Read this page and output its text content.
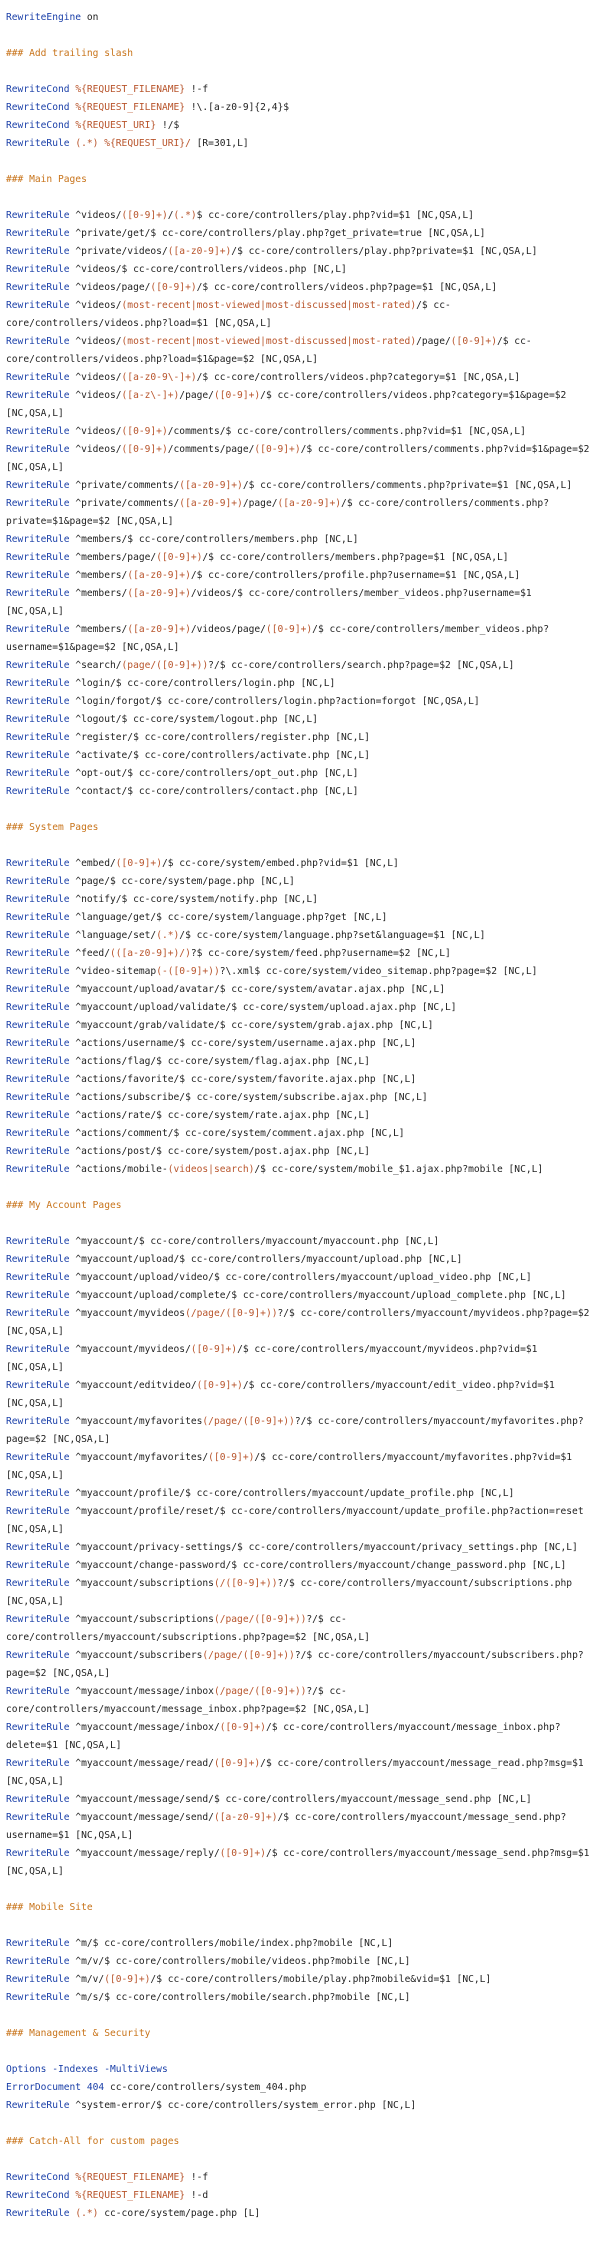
RewriteEngine on
### Add trailing slash
RewriteCond %{REQUEST_FILENAME} !-f
RewriteCond %{REQUEST_FILENAME} !\.[a-z0-9]{2,4}$
RewriteCond %{REQUEST_URI} !/$
RewriteRule (.*) %{REQUEST_URI}/ [R=301,L]
### Main Pages
RewriteRule ^videos/([0-9]+)/(.*)$ cc-core/controllers/play.php?vid=$1 [NC,QSA,L]
RewriteRule ^private/get/$ cc-core/controllers/play.php?get_private=true [NC,QSA,L]
RewriteRule ^private/videos/([a-z0-9]+)/$ cc-core/controllers/play.php?private=$1 [NC,QSA,L]
RewriteRule ^videos/$ cc-core/controllers/videos.php [NC,L]
RewriteRule ^videos/page/([0-9]+)/$ cc-core/controllers/videos.php?page=$1 [NC,QSA,L]
RewriteRule ^videos/(most-recent|most-viewed|most-discussed|most-rated)/$ cc-core/controllers/videos.php?load=$1 [NC,QSA,L]
RewriteRule ^videos/(most-recent|most-viewed|most-discussed|most-rated)/page/([0-9]+)/$ cc-core/controllers/videos.php?load=$1&page=$2 [NC,QSA,L]
RewriteRule ^videos/([a-z0-9\-]+)/$ cc-core/controllers/videos.php?category=$1 [NC,QSA,L]
RewriteRule ^videos/([a-z\-]+)/page/([0-9]+)/$ cc-core/controllers/videos.php?category=$1&page=$2 [NC,QSA,L]
RewriteRule ^videos/([0-9]+)/comments/$ cc-core/controllers/comments.php?vid=$1 [NC,QSA,L]
RewriteRule ^videos/([0-9]+)/comments/page/([0-9]+)/$ cc-core/controllers/comments.php?vid=$1&page=$2 [NC,QSA,L]
RewriteRule ^private/comments/([a-z0-9]+)/$ cc-core/controllers/comments.php?private=$1 [NC,QSA,L]
RewriteRule ^private/comments/([a-z0-9]+)/page/([a-z0-9]+)/$ cc-core/controllers/comments.php?private=$1&page=$2 [NC,QSA,L]
RewriteRule ^members/$ cc-core/controllers/members.php [NC,L]
RewriteRule ^members/page/([0-9]+)/$ cc-core/controllers/members.php?page=$1 [NC,QSA,L]
RewriteRule ^members/([a-z0-9]+)/$ cc-core/controllers/profile.php?username=$1 [NC,QSA,L]
RewriteRule ^members/([a-z0-9]+)/videos/$ cc-core/controllers/member_videos.php?username=$1 [NC,QSA,L]
RewriteRule ^members/([a-z0-9]+)/videos/page/([0-9]+)/$ cc-core/controllers/member_videos.php?username=$1&page=$2 [NC,QSA,L]
RewriteRule ^search/(page/([0-9]+))?/$ cc-core/controllers/search.php?page=$2 [NC,QSA,L]
RewriteRule ^login/$ cc-core/controllers/login.php [NC,L]
RewriteRule ^login/forgot/$ cc-core/controllers/login.php?action=forgot [NC,QSA,L]
RewriteRule ^logout/$ cc-core/system/logout.php [NC,L]
RewriteRule ^register/$ cc-core/controllers/register.php [NC,L]
RewriteRule ^activate/$ cc-core/controllers/activate.php [NC,L]
RewriteRule ^opt-out/$ cc-core/controllers/opt_out.php [NC,L]
RewriteRule ^contact/$ cc-core/controllers/contact.php [NC,L]
### System Pages
RewriteRule ^embed/([0-9]+)/$ cc-core/system/embed.php?vid=$1 [NC,L]
RewriteRule ^page/$ cc-core/system/page.php [NC,L]
RewriteRule ^notify/$ cc-core/system/notify.php [NC,L]
RewriteRule ^language/get/$ cc-core/system/language.php?get [NC,L]
RewriteRule ^language/set/(.*)/$ cc-core/system/language.php?set&language=$1 [NC,L]
RewriteRule ^feed/(([a-z0-9]+)/)?$ cc-core/system/feed.php?username=$2 [NC,L]
RewriteRule ^video-sitemap(-([0-9]+))?\.xml$ cc-core/system/video_sitemap.php?page=$2 [NC,L]
RewriteRule ^myaccount/upload/avatar/$ cc-core/system/avatar.ajax.php [NC,L]
RewriteRule ^myaccount/upload/validate/$ cc-core/system/upload.ajax.php [NC,L]
RewriteRule ^myaccount/grab/validate/$ cc-core/system/grab.ajax.php [NC,L]
RewriteRule ^actions/username/$ cc-core/system/username.ajax.php [NC,L]
RewriteRule ^actions/flag/$ cc-core/system/flag.ajax.php [NC,L]
RewriteRule ^actions/favorite/$ cc-core/system/favorite.ajax.php [NC,L]
RewriteRule ^actions/subscribe/$ cc-core/system/subscribe.ajax.php [NC,L]
RewriteRule ^actions/rate/$ cc-core/system/rate.ajax.php [NC,L]
RewriteRule ^actions/comment/$ cc-core/system/comment.ajax.php [NC,L]
RewriteRule ^actions/post/$ cc-core/system/post.ajax.php [NC,L]
RewriteRule ^actions/mobile-(videos|search)/$ cc-core/system/mobile_$1.ajax.php?mobile [NC,L]
### My Account Pages
RewriteRule ^myaccount/$ cc-core/controllers/myaccount/myaccount.php [NC,L]
RewriteRule ^myaccount/upload/$ cc-core/controllers/myaccount/upload.php [NC,L]
RewriteRule ^myaccount/upload/video/$ cc-core/controllers/myaccount/upload_video.php [NC,L]
RewriteRule ^myaccount/upload/complete/$ cc-core/controllers/myaccount/upload_complete.php [NC,L]
RewriteRule ^myaccount/myvideos(/page/([0-9]+))?/$ cc-core/controllers/myaccount/myvideos.php?page=$2 [NC,QSA,L]
RewriteRule ^myaccount/myvideos/([0-9]+)/$ cc-core/controllers/myaccount/myvideos.php?vid=$1 [NC,QSA,L]
RewriteRule ^myaccount/editvideo/([0-9]+)/$ cc-core/controllers/myaccount/edit_video.php?vid=$1 [NC,QSA,L]
RewriteRule ^myaccount/myfavorites(/page/([0-9]+))?/$ cc-core/controllers/myaccount/myfavorites.php?page=$2 [NC,QSA,L]
RewriteRule ^myaccount/myfavorites/([0-9]+)/$ cc-core/controllers/myaccount/myfavorites.php?vid=$1 [NC,QSA,L]
RewriteRule ^myaccount/profile/$ cc-core/controllers/myaccount/update_profile.php [NC,L]
RewriteRule ^myaccount/profile/reset/$ cc-core/controllers/myaccount/update_profile.php?action=reset [NC,QSA,L]
RewriteRule ^myaccount/privacy-settings/$ cc-core/controllers/myaccount/privacy_settings.php [NC,L]
RewriteRule ^myaccount/change-password/$ cc-core/controllers/myaccount/change_password.php [NC,L]
RewriteRule ^myaccount/subscriptions(/([0-9]+))?/$ cc-core/controllers/myaccount/subscriptions.php [NC,QSA,L]
RewriteRule ^myaccount/subscriptions(/page/([0-9]+))?/$ cc-core/controllers/myaccount/subscriptions.php?page=$2 [NC,QSA,L]
RewriteRule ^myaccount/subscribers(/page/([0-9]+))?/$ cc-core/controllers/myaccount/subscribers.php?page=$2 [NC,QSA,L]
RewriteRule ^myaccount/message/inbox(/page/([0-9]+))?/$ cc-core/controllers/myaccount/message_inbox.php?page=$2 [NC,QSA,L]
RewriteRule ^myaccount/message/inbox/([0-9]+)/$ cc-core/controllers/myaccount/message_inbox.php?delete=$1 [NC,QSA,L]
RewriteRule ^myaccount/message/read/([0-9]+)/$ cc-core/controllers/myaccount/message_read.php?msg=$1 [NC,QSA,L]
RewriteRule ^myaccount/message/send/$ cc-core/controllers/myaccount/message_send.php [NC,L]
RewriteRule ^myaccount/message/send/([a-z0-9]+)/$ cc-core/controllers/myaccount/message_send.php?username=$1 [NC,QSA,L]
RewriteRule ^myaccount/message/reply/([0-9]+)/$ cc-core/controllers/myaccount/message_send.php?msg=$1 [NC,QSA,L]
### Mobile Site
RewriteRule ^m/$ cc-core/controllers/mobile/index.php?mobile [NC,L]
RewriteRule ^m/v/$ cc-core/controllers/mobile/videos.php?mobile [NC,L]
RewriteRule ^m/v/([0-9]+)/$ cc-core/controllers/mobile/play.php?mobile&vid=$1 [NC,L]
RewriteRule ^m/s/$ cc-core/controllers/mobile/search.php?mobile [NC,L]
### Management & Security
Options -Indexes -MultiViews
ErrorDocument 404 cc-core/controllers/system_404.php
RewriteRule ^system-error/$ cc-core/controllers/system_error.php [NC,L]
### Catch-All for custom pages
RewriteCond %{REQUEST_FILENAME} !-f
RewriteCond %{REQUEST_FILENAME} !-d
RewriteRule (.*) cc-core/system/page.php [L]
